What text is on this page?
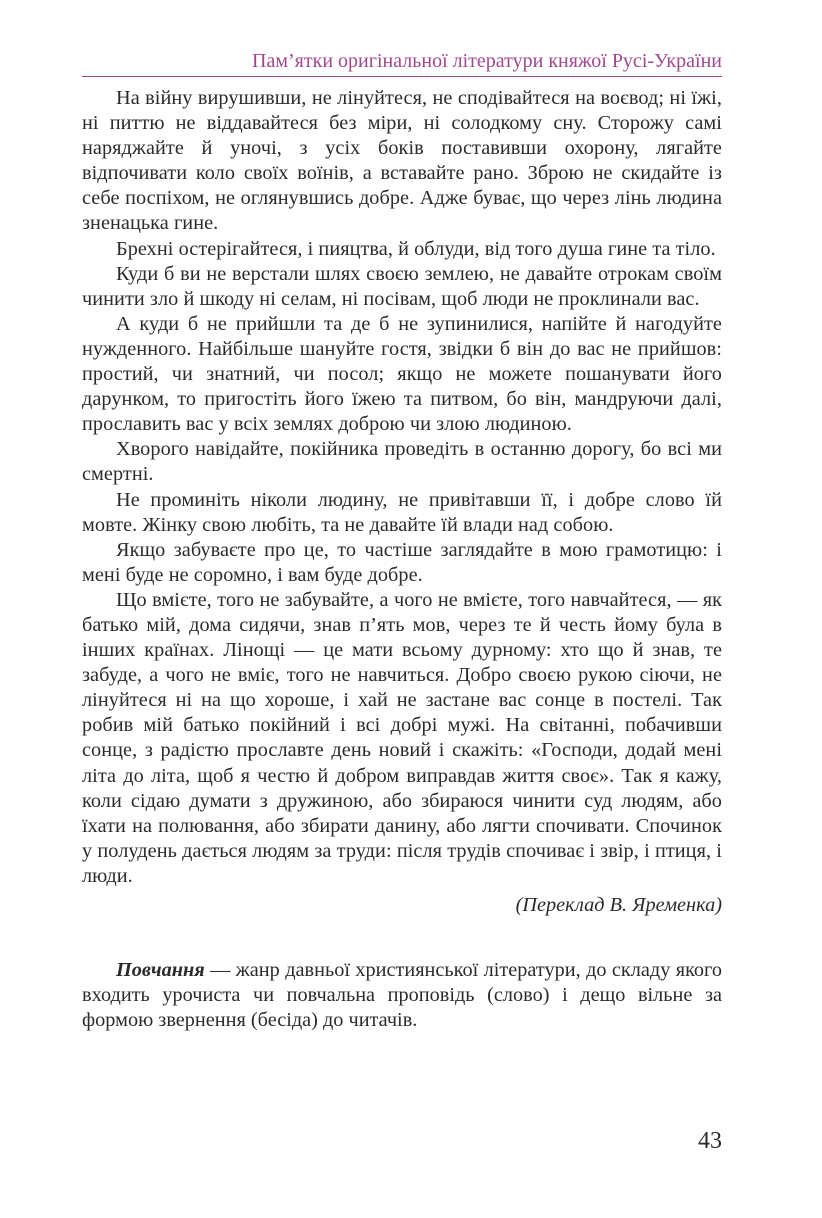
Пам’ятки оригінальної літератури княжої Русі-України

На війну вирушивши, не лінуйтеся, не сподівайтеся на воєвод; ні їжі, ні питтю не віддавайтеся без міри, ні солодкому сну. Сторожу самі наряджайте й уночі, з усіх боків поставивши охорону, лягайте відпочивати коло своїх воїнів, а вставайте рано. Зброю не скидайте із себе поспіхом, не оглянувшись добре. Адже буває, що через лінь людина зненацька гине.

Брехні остерігайтеся, і пияцтва, й облуди, від того душа гине та тіло.

Куди б ви не верстали шлях своєю землею, не давайте отрокам своїм чинити зло й шкоду ні селам, ні посівам, щоб люди не проклинали вас.

А куди б не прийшли та де б не зупинилися, напійте й нагодуйте нужденного. Найбільше шануйте гостя, звідки б він до вас не прийшов: простий, чи знатний, чи посол; якщо не можете пошанувати його дарунком, то пригостіть його їжею та питвом, бо він, мандруючи далі, прославить вас у всіх землях доброю чи злою людиною.

Хворого навідайте, покійника проведіть в останню дорогу, бо всі ми смертні.

Не проминіть ніколи людину, не привітавши її, і добре слово їй мовте. Жінку свою любіть, та не давайте їй влади над собою.

Якщо забуваєте про це, то частіше заглядайте в мою грамотицю: і мені буде не соромно, і вам буде добре.

Що вмієте, того не забувайте, а чого не вмієте, того навчайтеся, — як батько мій, дома сидячи, знав п’ять мов, через те й честь йому була в інших країнах. Лінощі — це мати всьому дурному: хто що й знав, те забуде, а чого не вміє, того не навчиться. Добро своєю рукою сіючи, не лінуйтеся ні на що хороше, і хай не застане вас сонце в постелі. Так робив мій батько покійний і всі добрі мужі. На світанні, побачивши сонце, з радістю прославте день новий і скажіть: «Господи, додай мені літа до літа, щоб я честю й добром виправдав життя своє». Так я кажу, коли сідаю думати з дружиною, або збираюся чинити суд людям, або їхати на полювання, або збирати данину, або лягти спочивати. Спочинок у полудень дається людям за труди: після трудів спочиває і звір, і птиця, і люди.

(Переклад В. Яременка)

Повчання — жанр давньої християнської літератури, до складу якого входить урочиста чи повчальна проповідь (слово) і дещо вільне за формою звернення (бесіда) до читачів.

43
